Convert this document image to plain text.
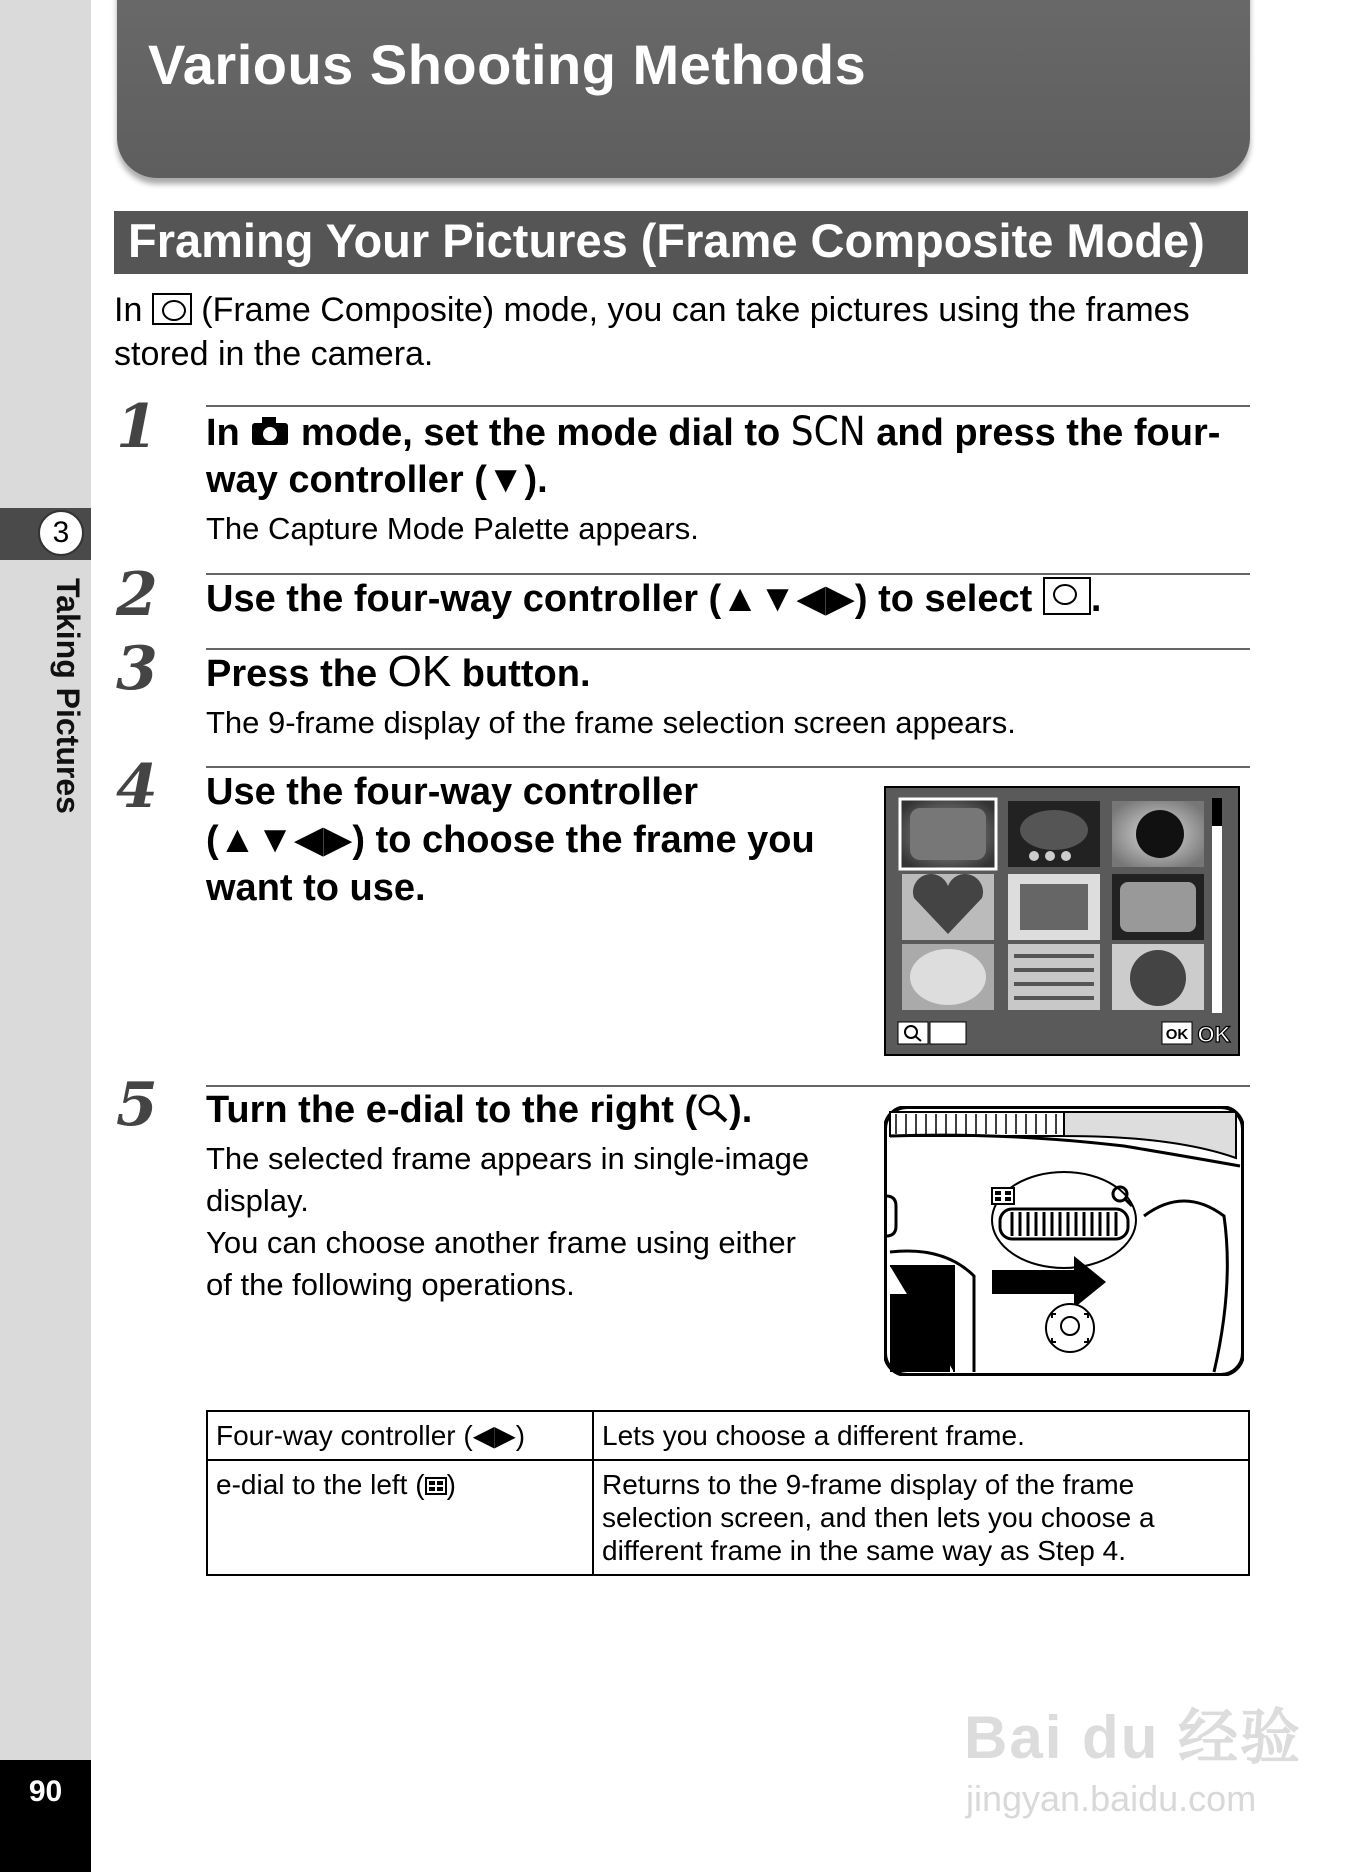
3
Taking Pictures
90
Various Shooting Methods
Framing Your Pictures (Frame Composite Mode)
In (Frame Composite) mode, you can take pictures using the frames
stored in the camera.
1 In mode, set the mode dial to SCN and press the four-
way controller (▼).
The Capture Mode Palette appears.
2 Use the four-way controller (▲▼◀▶) to select .
3 Press the OK button.
The 9-frame display of the frame selection screen appears.
4 Use the four-way controller
(▲▼◀▶) to choose the frame you
want to use.
OK OK
5 Turn the e-dial to the right ( ).
The selected frame appears in single-image
display.
You can choose another frame using either
of the following operations.
Four-way controller (◀▶)	Lets you choose a different frame.
e-dial to the left ( )	Returns to the 9-frame display of the frame
selection screen, and then lets you choose a
different frame in the same way as Step 4.
Bai du 经验
jingyan.baidu.com
